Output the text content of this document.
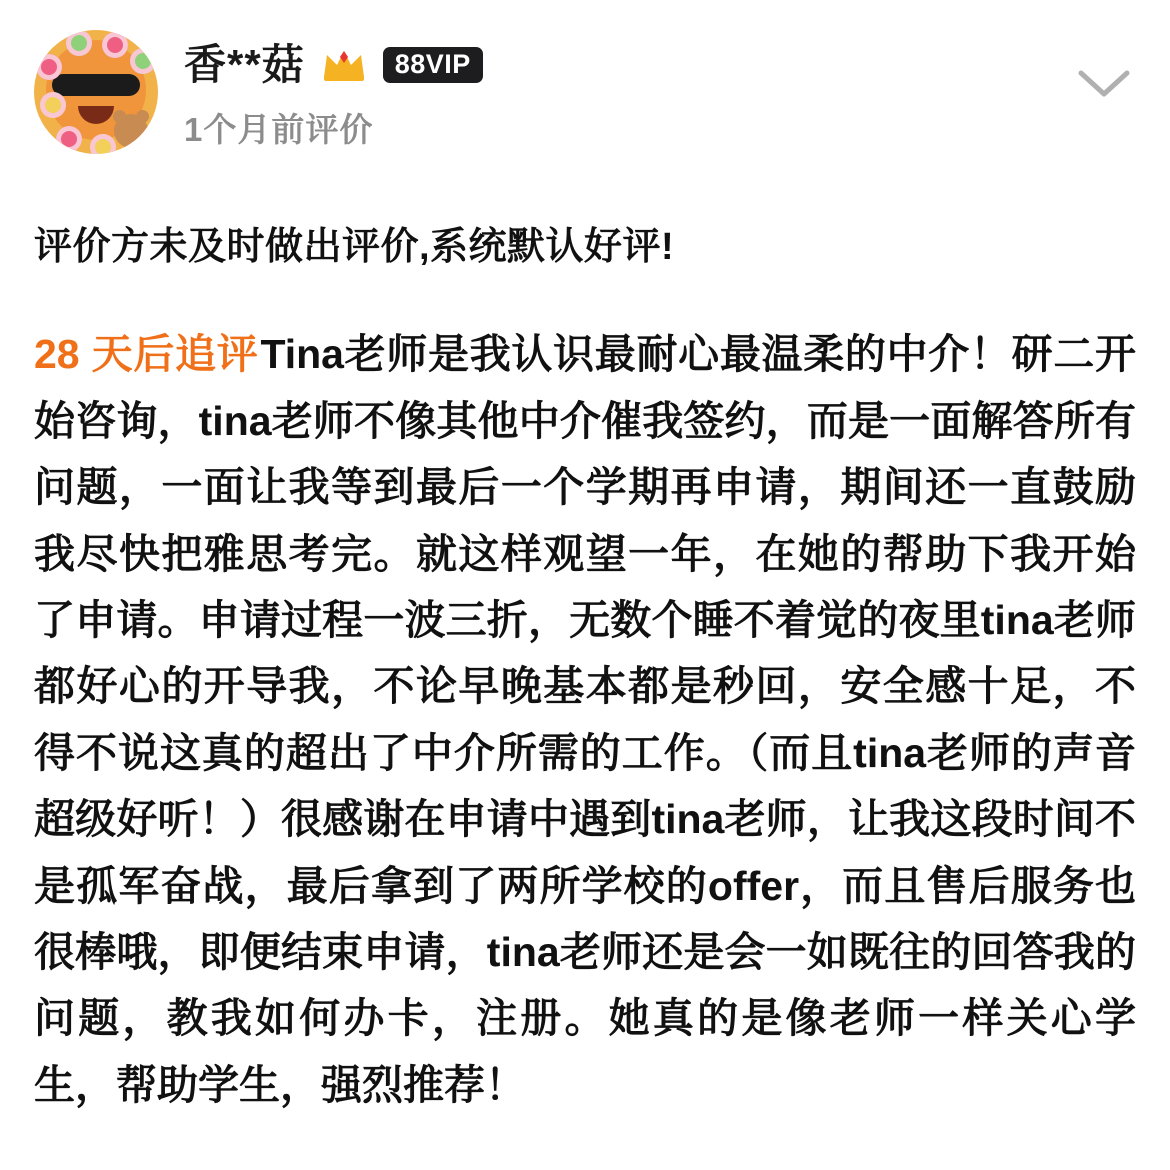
香**菇	88VIP
1个月前评价
评价方未及时做出评价,系统默认好评!
28 天后追评Tina老师是我认识最耐心最温柔的中介！研二开始咨询，tina老师不像其他中介催我签约，而是一面解答所有问题，一面让我等到最后一个学期再申请，期间还一直鼓励我尽快把雅思考完。就这样观望一年，在她的帮助下我开始了申请。申请过程一波三折，无数个睡不着觉的夜里tina老师都好心的开导我，不论早晚基本都是秒回，安全感十足，不得不说这真的超出了中介所需的工作。（而且tina老师的声音超级好听！）很感谢在申请中遇到tina老师，让我这段时间不是孤军奋战，最后拿到了两所学校的offer，而且售后服务也很棒哦，即便结束申请，tina老师还是会一如既往的回答我的问题，教我如何办卡，注册。她真的是像老师一样关心学生，帮助学生，强烈推荐！
